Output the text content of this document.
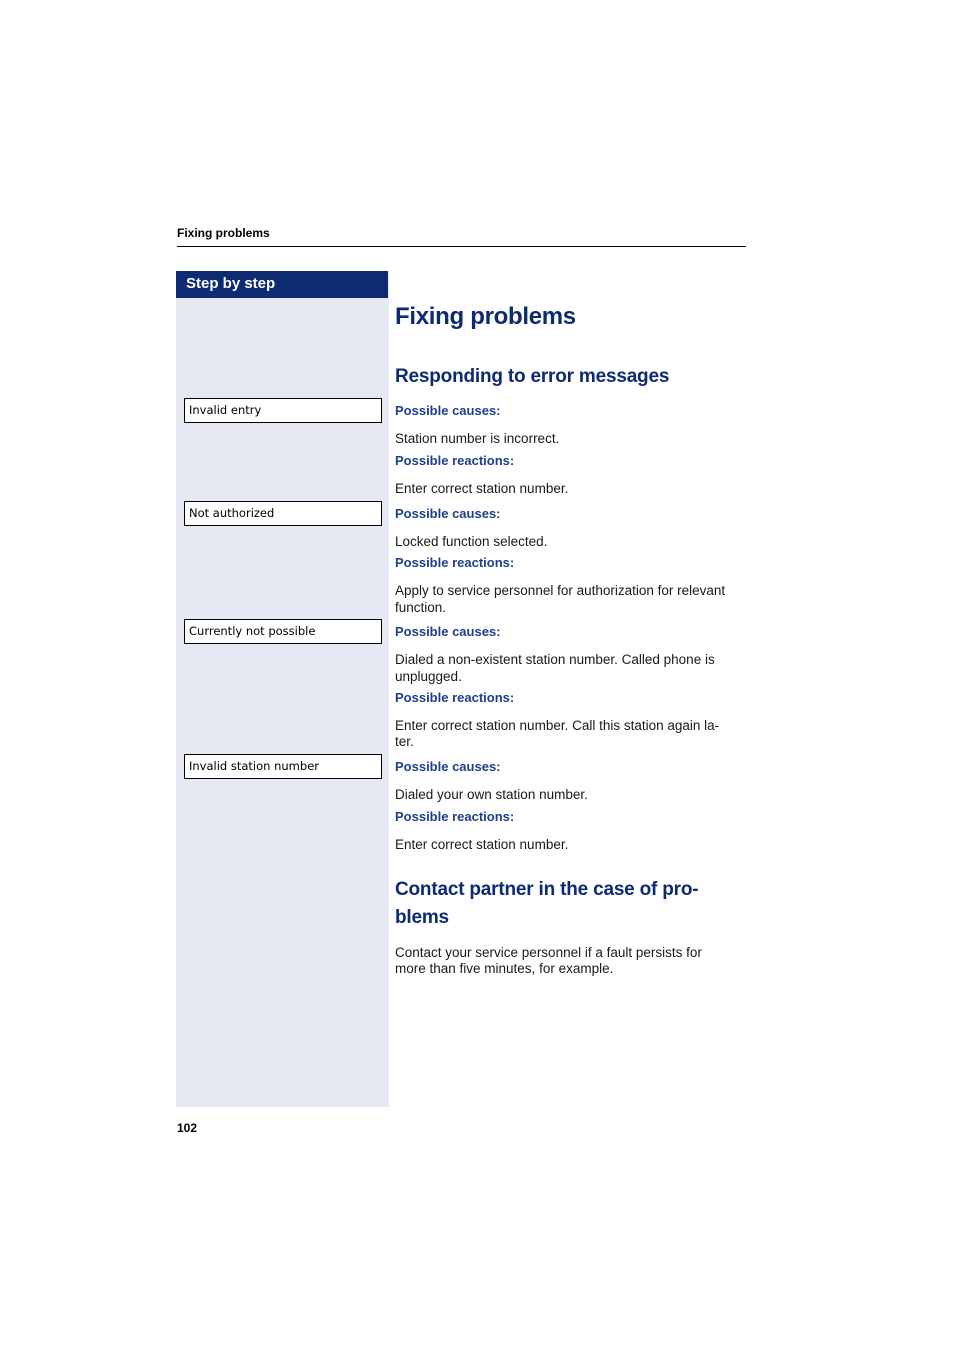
Fixing problems
Step by step
Invalid entry
Not authorized
Currently not possible
Invalid station number
Fixing problems
Responding to error messages
Possible causes:
Station number is incorrect.
Possible reactions:
Enter correct station number.
Possible causes:
Locked function selected.
Possible reactions:
Apply to service personnel for authorization for relevant
function.
Possible causes:
Dialed a non-existent station number. Called phone is
unplugged.
Possible reactions:
Enter correct station number. Call this station again la-
ter.
Possible causes:
Dialed your own station number.
Possible reactions:
Enter correct station number.
Contact partner in the case of pro-
blems
Contact your service personnel if a fault persists for
more than five minutes, for example.
102
